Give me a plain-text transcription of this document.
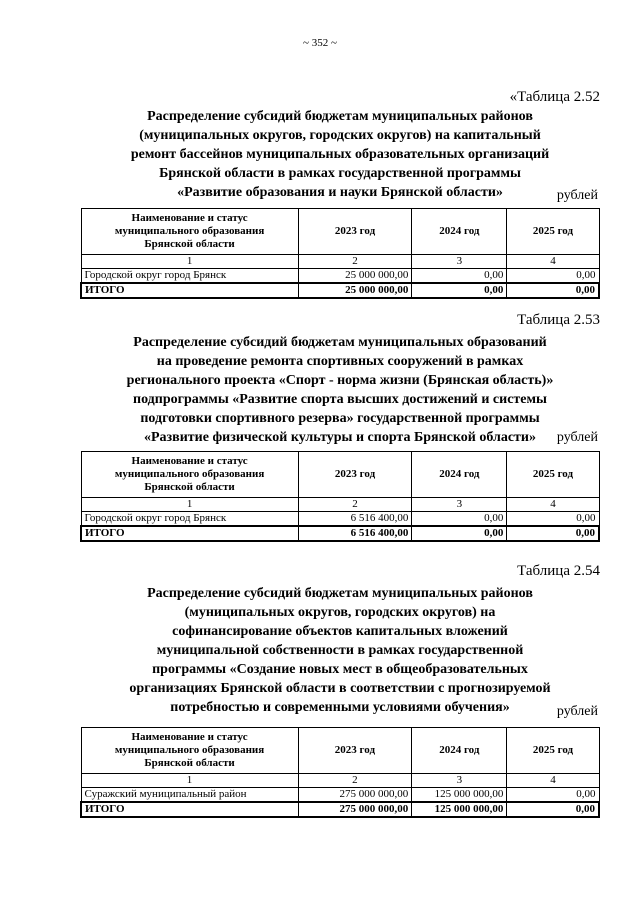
~ 352 ~
«Таблица 2.52
Распределение субсидий бюджетам муниципальных районов
(муниципальных округов, городских округов) на капитальный
ремонт бассейнов муниципальных образовательных организаций
Брянской области в рамках государственной программы
«Развитие образования и науки Брянской области»	рублей
Наименование и статус
муниципального образования
Брянской области	2023 год	2024 год	2025 год
1	2	3	4
Городской округ город Брянск	25 000 000,00	0,00	0,00
ИТОГО	25 000 000,00	0,00	0,00
Таблица 2.53
Распределение субсидий бюджетам муниципальных образований
на проведение ремонта спортивных сооружений в рамках
регионального проекта «Спорт - норма жизни (Брянская область)»
подпрограммы «Развитие спорта высших достижений и системы
подготовки спортивного резерва» государственной программы
«Развитие физической культуры и спорта Брянской области»	рублей
Наименование и статус
муниципального образования
Брянской области	2023 год	2024 год	2025 год
1	2	3	4
Городской округ город Брянск	6 516 400,00	0,00	0,00
ИТОГО	6 516 400,00	0,00	0,00
Таблица 2.54
Распределение субсидий бюджетам муниципальных районов
(муниципальных округов, городских округов) на
софинансирование объектов капитальных вложений
муниципальной собственности в рамках государственной
программы «Создание новых мест в общеобразовательных
организациях Брянской области в соответствии с прогнозируемой
потребностью и современными условиями обучения»	рублей
Наименование и статус
муниципального образования
Брянской области	2023 год	2024 год	2025 год
1	2	3	4
Суражский муниципальный район	275 000 000,00	125 000 000,00	0,00
ИТОГО	275 000 000,00	125 000 000,00	0,00
